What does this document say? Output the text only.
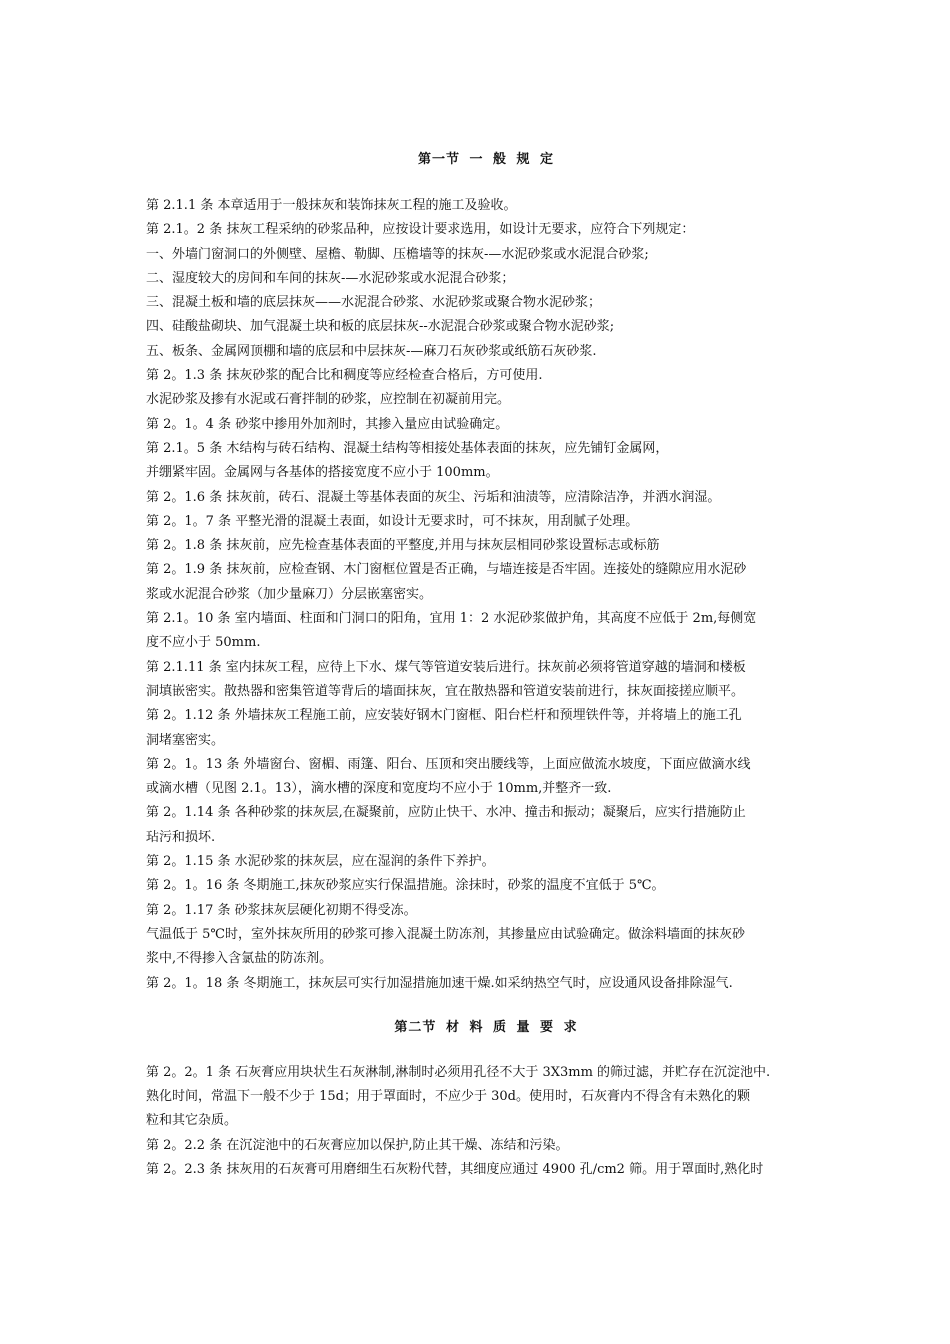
第一节 一 般 规 定

第 2.1.1 条 本章适用于一般抹灰和装饰抹灰工程的施工及验收。

第 2.1。2 条 抹灰工程采纳的砂浆品种，应按设计要求选用，如设计无要求，应符合下列规定：

一、外墙门窗洞口的外侧壁、屋檐、勒脚、压檐墙等的抹灰-—水泥砂浆或水泥混合砂浆;

二、湿度较大的房间和车间的抹灰-—水泥砂浆或水泥混合砂浆；

三、混凝土板和墙的底层抹灰——水泥混合砂浆、水泥砂浆或聚合物水泥砂浆；

四、硅酸盐砌块、加气混凝土块和板的底层抹灰--水泥混合砂浆或聚合物水泥砂浆;

五、板条、金属网顶棚和墙的底层和中层抹灰-—麻刀石灰砂浆或纸筋石灰砂浆.

第 2。1.3 条 抹灰砂浆的配合比和稠度等应经检查合格后，方可使用.

水泥砂浆及掺有水泥或石膏拌制的砂浆，应控制在初凝前用完。

第 2。1。4 条 砂浆中掺用外加剂时，其掺入量应由试验确定。

第 2.1。5 条 木结构与砖石结构、混凝土结构等相接处基体表面的抹灰，应先铺钉金属网，

并绷紧牢固。金属网与各基体的搭接宽度不应小于 100mm。

第 2。1.6 条 抹灰前，砖石、混凝土等基体表面的灰尘、污垢和油渍等，应清除洁净，并洒水润湿。

第 2。1。7 条 平整光滑的混凝土表面，如设计无要求时，可不抹灰，用刮腻子处理。

第 2。1.8 条 抹灰前，应先检查基体表面的平整度,并用与抹灰层相同砂浆设置标志或标筋

第 2。1.9 条 抹灰前，应检查钢、木门窗框位置是否正确，与墙连接是否牢固。连接处的缝隙应用水泥砂

浆或水泥混合砂浆（加少量麻刀）分层嵌塞密实。

第 2.1。10 条 室内墙面、柱面和门洞口的阳角，宜用 1：2 水泥砂浆做护角，其高度不应低于 2m,每侧宽

度不应小于 50mm.

第 2.1.11 条 室内抹灰工程，应待上下水、煤气等管道安装后进行。抹灰前必须将管道穿越的墙洞和楼板

洞填嵌密实。散热器和密集管道等背后的墙面抹灰，宜在散热器和管道安装前进行，抹灰面接搓应顺平。

第 2。1.12 条 外墙抹灰工程施工前，应安装好钢木门窗框、阳台栏杆和预埋铁件等，并将墙上的施工孔

洞堵塞密实。

第 2。1。13 条 外墙窗台、窗楣、雨篷、阳台、压顶和突出腰线等，上面应做流水坡度，下面应做滴水线

或滴水槽（见图 2.1。13），滴水槽的深度和宽度均不应小于 10mm,并整齐一致.

第 2。1.14 条 各种砂浆的抹灰层,在凝聚前，应防止快干、水冲、撞击和振动；凝聚后，应实行措施防止

玷污和损坏.

第 2。1.15 条 水泥砂浆的抹灰层，应在湿润的条件下养护。

第 2。1。16 条 冬期施工,抹灰砂浆应实行保温措施。涂抹时，砂浆的温度不宜低于 5℃。

第 2。1.17 条 砂浆抹灰层硬化初期不得受冻。

气温低于 5℃时，室外抹灰所用的砂浆可掺入混凝土防冻剂，其掺量应由试验确定。做涂料墙面的抹灰砂

浆中,不得掺入含氯盐的防冻剂。

第 2。1。18 条 冬期施工，抹灰层可实行加湿措施加速干燥.如采纳热空气时，应设通风设备排除湿气.

第二节 材 料 质 量 要 求

第 2。2。1 条 石灰膏应用块状生石灰淋制,淋制时必须用孔径不大于 3X3mm 的筛过滤，并贮存在沉淀池中.

熟化时间，常温下一般不少于 15d；用于罩面时，不应少于 30d。使用时，石灰膏内不得含有未熟化的颗

粒和其它杂质。

第 2。2.2 条 在沉淀池中的石灰膏应加以保护,防止其干燥、冻结和污染。

第 2。2.3 条 抹灰用的石灰膏可用磨细生石灰粉代替，其细度应通过 4900 孔/cm2 筛。用于罩面时,熟化时
